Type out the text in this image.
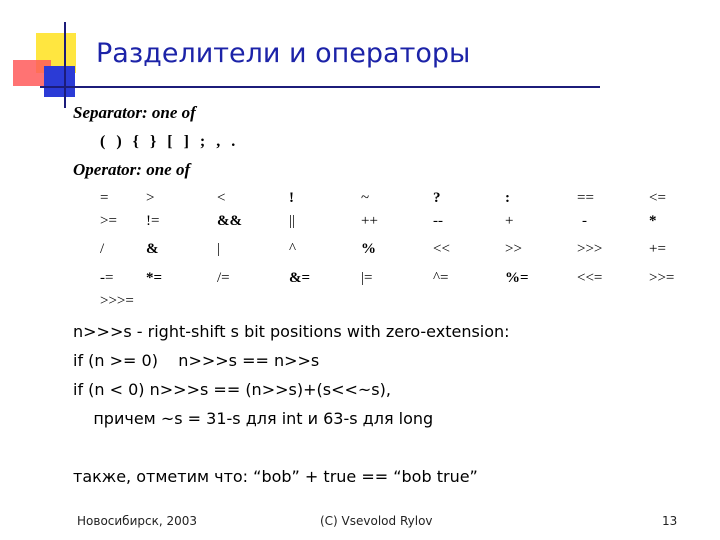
Разделители и операторы
Separator: one of
( ) { } [ ] ; , .
Operator: one of
=	>	<	!	~	?	:	==	<=
>= !=	&&	||	++	--	+	-	*
/	&	|	^	%	<<	>>	>>>	+=
-= *=	/=	&=	|=	^=	%=	<<=	>>=
>>>=
n>>>s - right-shift s bit positions with zero-extension:
if (n >= 0)    n>>>s == n>>s
if (n < 0) n>>>s == (n>>s)+(s<<~s),
причем ~s = 31-s для int и 63-s для long
также, отметим что: “bob” + true == “bob true”
Новосибирск, 2003	(C) Vsevolod Rylov	13
